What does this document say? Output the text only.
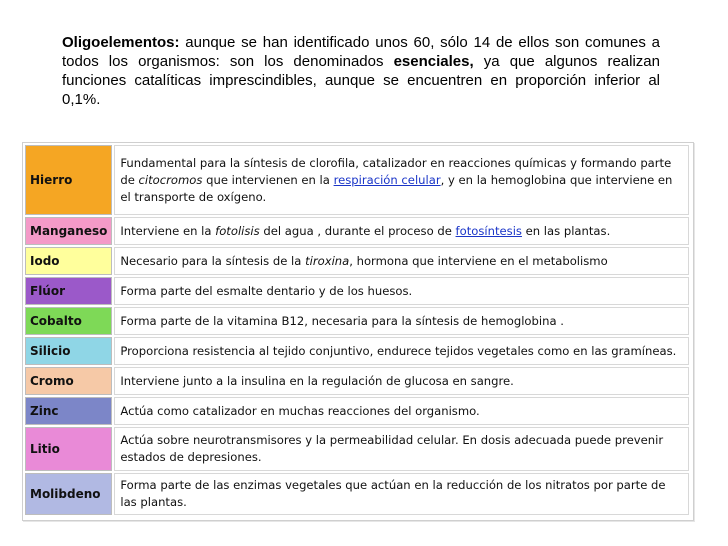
Oligoelementos: aunque se han identificado unos 60, sólo 14 de ellos son comunes a todos los organismos: son los denominados esenciales, ya que algunos realizan funciones catalíticas imprescindibles, aunque se encuentren en proporción inferior al 0,1%.
Hierro	Fundamental para la síntesis de clorofila, catalizador en reacciones químicas y formando parte de citocromos que intervienen en la respiración celular, y en la hemoglobina que interviene en el transporte de oxígeno.
Manganeso	Interviene en la fotolisis del agua , durante el proceso de fotosíntesis en las plantas.
Iodo	Necesario para la síntesis de la tiroxina, hormona que interviene en el metabolismo
Flúor	Forma parte del esmalte dentario y de los huesos.
Cobalto	Forma parte de la vitamina B12, necesaria para la síntesis de hemoglobina .
Silicio	Proporciona resistencia al tejido conjuntivo, endurece tejidos vegetales como en las gramíneas.
Cromo	Interviene junto a la insulina en la regulación de glucosa en sangre.
Zinc	Actúa como catalizador en muchas reacciones del organismo.
Litio	Actúa sobre neurotransmisores y la permeabilidad celular. En dosis adecuada puede prevenir estados de depresiones.
Molibdeno	Forma parte de las enzimas vegetales que actúan en la reducción de los nitratos por parte de las plantas.
